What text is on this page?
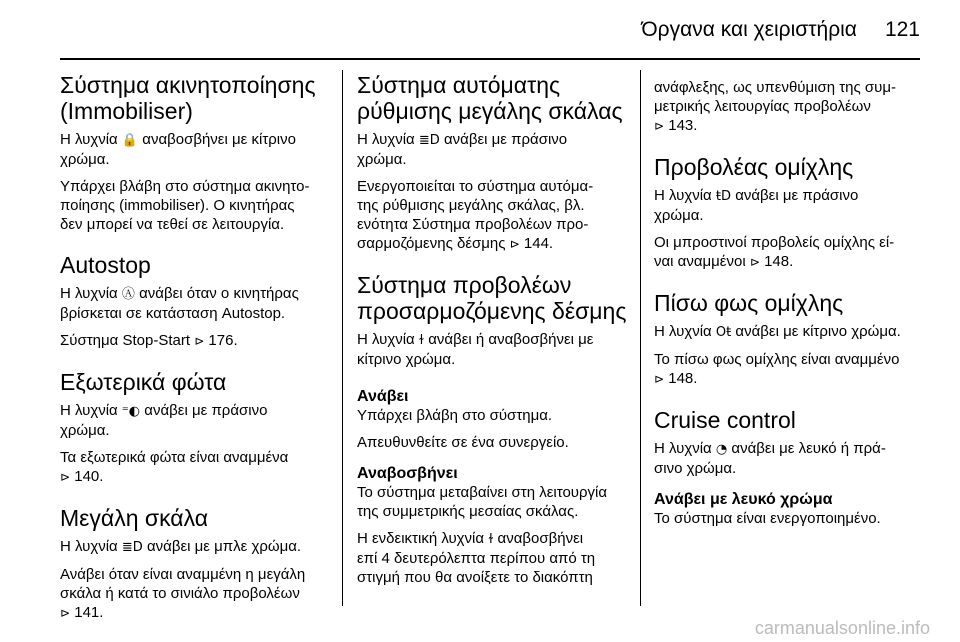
Όργανα και χειριστήρια 121
Σύστημα ακινητοποίησης
(Immobiliser)

Η λυχνία 🔒 αναβοσβήνει με κίτρινο
χρώμα.

Υπάρχει βλάβη στο σύστημα ακινητο-
ποίησης (immobiliser). Ο κινητήρας
δεν μπορεί να τεθεί σε λειτουργία.

Autostop

Η λυχνία Ⓐ ανάβει όταν ο κινητήρας
βρίσκεται σε κατάσταση Autostop.

Σύστημα Stop-Start ⊳ 176.

Εξωτερικά φώτα

Η λυχνία ⁼◐ ανάβει με πράσινο
χρώμα.

Τα εξωτερικά φώτα είναι αναμμένα
⊳ 140.

Μεγάλη σκάλα

Η λυχνία ≣D ανάβει με μπλε χρώμα.

Ανάβει όταν είναι αναμμένη η μεγάλη
σκάλα ή κατά το σινιάλο προβολέων
⊳ 141.

Σύστημα αυτόματης
ρύθμισης μεγάλης σκάλας

Η λυχνία ≣D ανάβει με πράσινο
χρώμα.

Ενεργοποιείται το σύστημα αυτόμα-
της ρύθμισης μεγάλης σκάλας, βλ.
ενότητα Σύστημα προβολέων προ-
σαρμοζόμενης δέσμης ⊳ 144.

Σύστημα προβολέων
προσαρμοζόμενης δέσμης

Η λυχνία ɫ ανάβει ή αναβοσβήνει με
κίτρινο χρώμα.

Ανάβει

Υπάρχει βλάβη στο σύστημα.

Απευθυνθείτε σε ένα συνεργείο.

Αναβοσβήνει

Το σύστημα μεταβαίνει στη λειτουργία
της συμμετρικής μεσαίας σκάλας.

Η ενδεικτική λυχνία ɫ αναβοσβήνει
επί 4 δευτερόλεπτα περίπου από τη
στιγμή που θα ανοίξετε το διακόπτη

ανάφλεξης, ως υπενθύμιση της συμ-
μετρικής λειτουργίας προβολέων
⊳ 143.

Προβολέας ομίχλης

Η λυχνία ŧD ανάβει με πράσινο
χρώμα.

Οι μπροστινοί προβολείς ομίχλης εί-
ναι αναμμένοι ⊳ 148.

Πίσω φως ομίχλης

Η λυχνία Oŧ ανάβει με κίτρινο χρώμα.

Το πίσω φως ομίχλης είναι αναμμένο
⊳ 148.

Cruise control

Η λυχνία ◔ ανάβει με λευκό ή πρά-
σινο χρώμα.

Ανάβει με λευκό χρώμα

Το σύστημα είναι ενεργοποιημένο.

carmanualsonline.info
